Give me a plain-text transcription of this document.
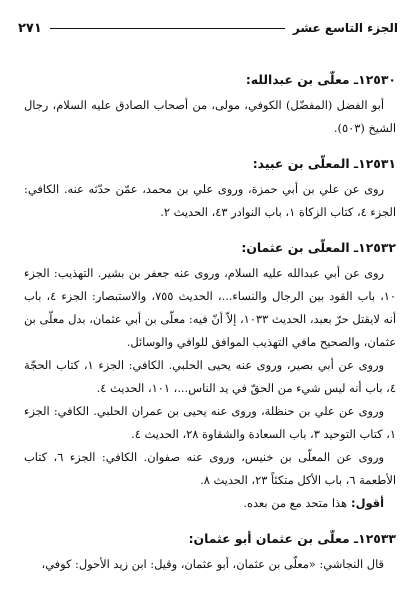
الجزء التاسع عشر
٢٧١
١٢٥٣٠ـ معلّى بن عبدالله:

أبو الفضل (المفضّل) الكوفي، مولى، من أصحاب الصادق عليه السلام، رجال الشيخ (٥٠٣).

١٢٥٣١ـ المعلّى بن عبيد:

روى عن علي بن أبي حمزة، وروى علي بن محمد، عمّن حدّثه عنه. الكافي: الجزء ٤، كتاب الزكاة ١، باب النوادر ٤٣، الحديث ٢.

١٢٥٣٢ـ المعلّى بن عثمان:

روى عن أبي عبدالله عليه السلام، وروى عنه جعفر بن بشير. التهذيب: الجزء ١٠، باب القود بين الرجال والنساء...، الحديث ٧٥٥، والاستبصار: الجزء ٤، باب أنه لايقتل حرّ بعبد، الحديث ١٠٣٣، إلاّ أنّ فيه: معلّى بن أبي عثمان، بدل معلّى بن عثمان، والصحيح مافي التهذيب الموافق للوافي والوسائل.

وروى عن أبي بصير، وروى عنه يحيى الحلبي. الكافي: الجزء ١، كتاب الحجّة ٤، باب أنه ليس شيء من الحقّ في يد الناس...، ١٠١، الحديث ٤.

وروى عن علي بن حنظلة، وروى عنه يحيى بن عمران الحلبي. الكافي: الجزء ١، كتاب التوحيد ٣، باب السعادة والشقاوة ٢٨، الحديث ٤.

وروى عن المعلّى بن خنيس، وروى عنه صفوان. الكافي: الجزء ٦، كتاب الأطعمة ٦، باب الأكل متكئاً ٢٣، الحديث ٨.

أقول:هذا متحد مع من بعده.

١٢٥٣٣ـ معلّى بن عثمان أبو عثمان:

قال النجاشي: «معلّى بن عثمان، أبو عثمان، وقيل: ابن زيد الأحول: كوفي،
